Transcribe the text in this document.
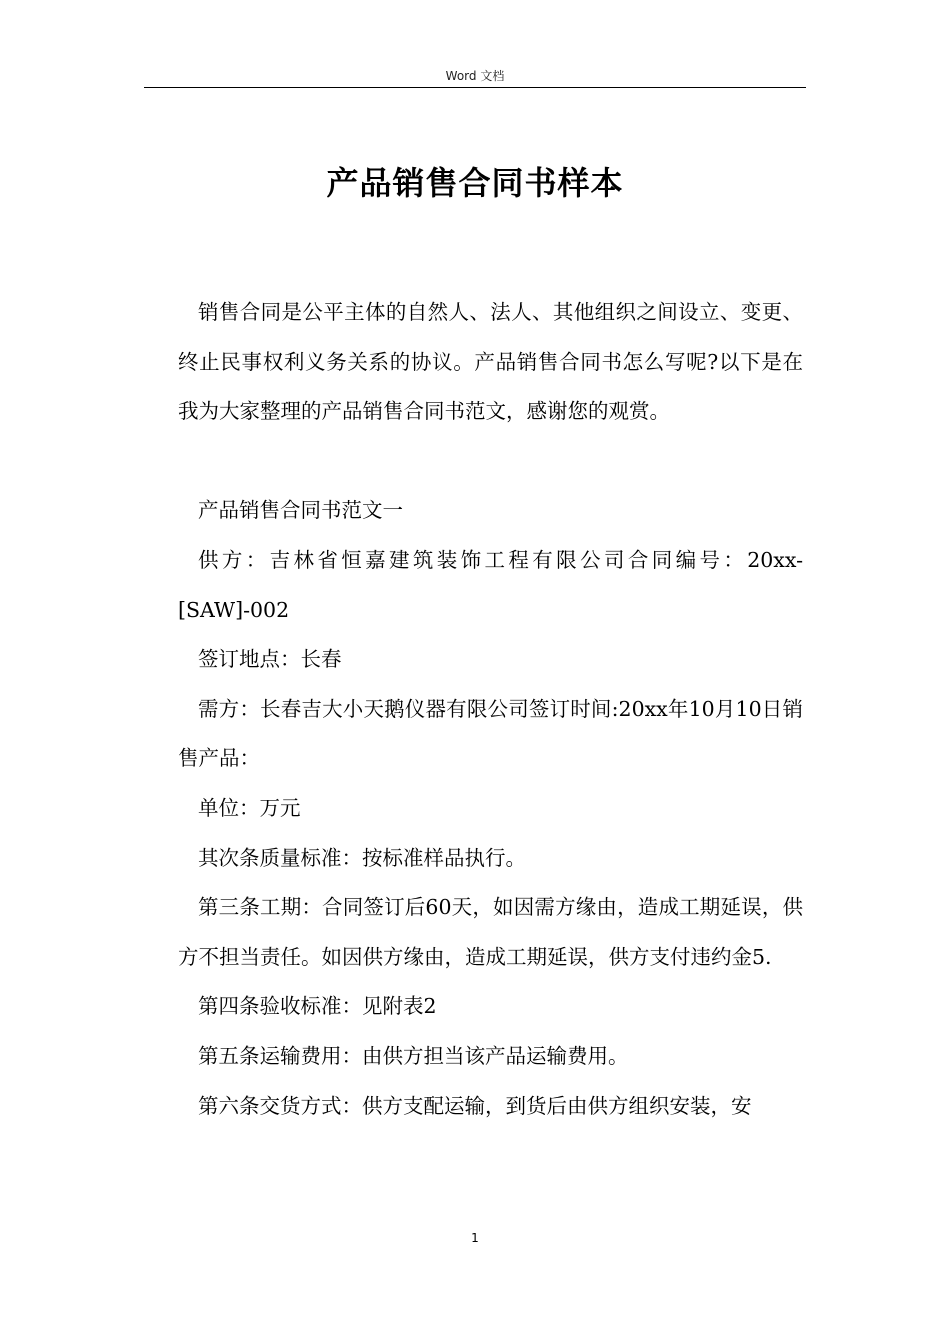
Word 文档
产品销售合同书样本

销售合同是公平主体的自然人、法人、其他组织之间设立、变更、终止民事权利义务关系的协议。产品销售合同书怎么写呢?以下是在我为大家整理的产品销售合同书范文，感谢您的观赏。

产品销售合同书范文一

供方：吉林省恒嘉建筑装饰工程有限公司合同编号：20xx-[SAW]-002

签订地点：长春

需方：长春吉大小天鹅仪器有限公司签订时间:20xx年10月10日销售产品：

单位：万元

其次条质量标准：按标准样品执行。

第三条工期：合同签订后60天，如因需方缘由，造成工期延误，供方不担当责任。如因供方缘由，造成工期延误，供方支付违约金5.

第四条验收标准：见附表2

第五条运输费用：由供方担当该产品运输费用。

第六条交货方式：供方支配运输，到货后由供方组织安装，安

1
